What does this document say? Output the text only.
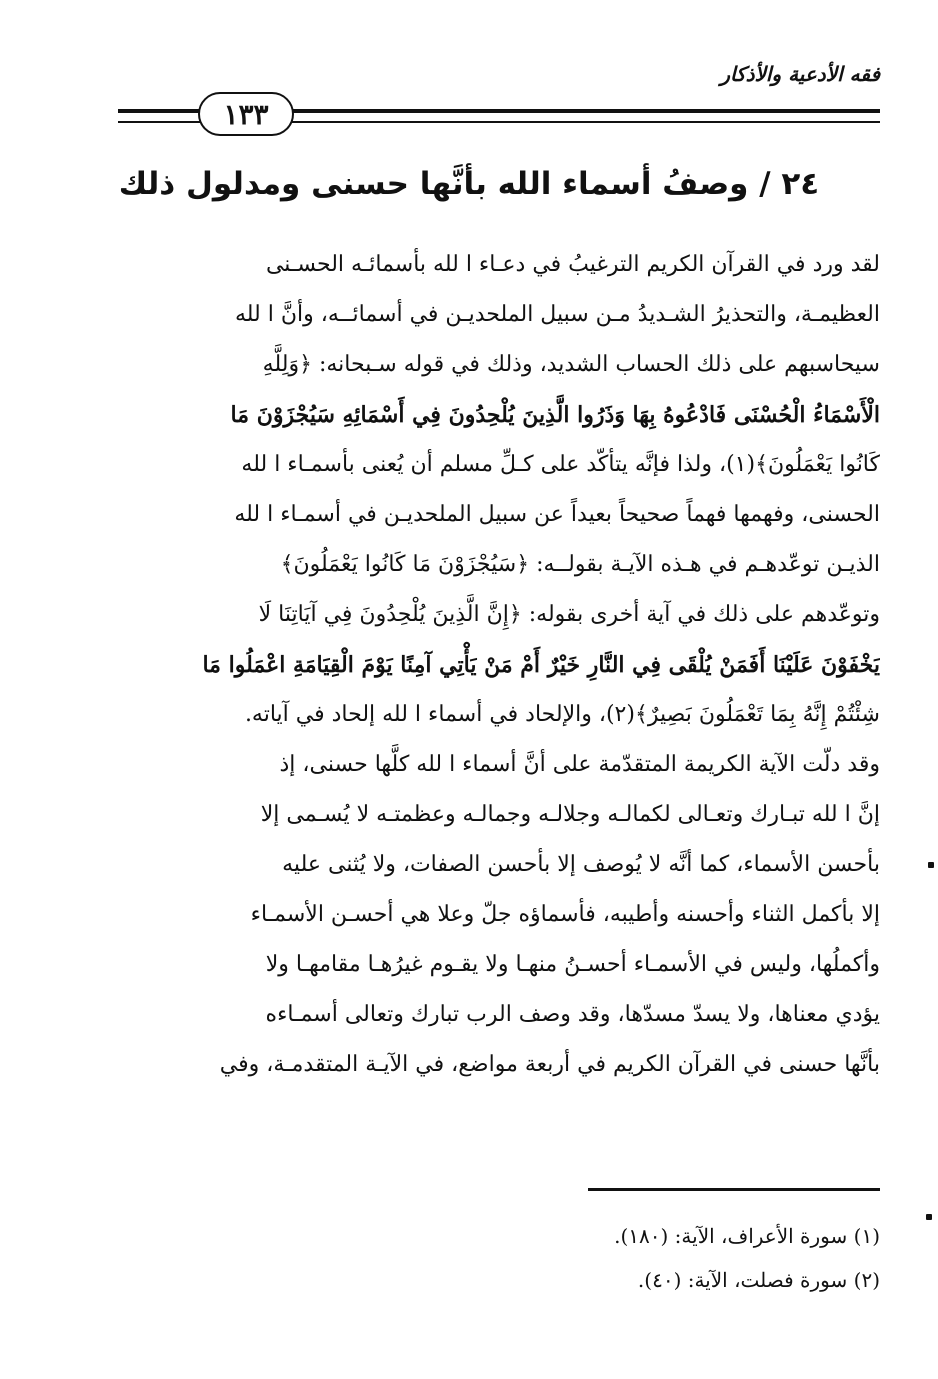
فقه الأدعية والأذكار
١٣٣
٢٤ / وصفُ أسماء الله بأنَّها حسنى ومدلول ذلك
لقد ورد في القرآن الكريم الترغيبُ في دعـاء ا لله بأسمائـه الحسـنى
العظيمـة، والتحذيرُ الشـديدُ مـن سبيل الملحديـن في أسمائــه، وأنَّ ا لله
سيحاسبهم على ذلك الحساب الشديد، وذلك في قوله سـبحانه: ﴿وَلِلَّهِ
الْأَسْمَاءُ الْحُسْنَى فَادْعُوهُ بِهَا وَذَرُوا الَّذِينَ يُلْحِدُونَ فِي أَسْمَائِهِ سَيُجْزَوْنَ مَا
كَانُوا يَعْمَلُونَ﴾(١)، ولذا فإنَّه يتأكّد على كـلِّ مسلم أن يُعنى بأسمـاء ا لله
الحسنى، وفهمها فهماً صحيحاً بعيداً عن سبيل الملحديـن في أسمـاء ا لله
الذيـن توعّدهـم في هـذه الآيـة بقولــه: ﴿سَيُجْزَوْنَ مَا كَانُوا يَعْمَلُونَ﴾
وتوعّدهم على ذلك في آية أخرى بقوله: ﴿إِنَّ الَّذِينَ يُلْحِدُونَ فِي آيَاتِنَا لَا
يَخْفَوْنَ عَلَيْنَا أَفَمَنْ يُلْقَى فِي النَّارِ خَيْرٌ أَمْ مَنْ يَأْتِي آمِنًا يَوْمَ الْقِيَامَةِ اعْمَلُوا مَا
شِئْتُمْ إِنَّهُ بِمَا تَعْمَلُونَ بَصِيرٌ﴾(٢)، والإلحاد في أسماء ا لله إلحاد في آياته.
وقد دلّت الآية الكريمة المتقدّمة على أنَّ أسماء ا لله كلَّها حسنى، إذ
إنَّ ا لله تبـارك وتعـالى لكمالـه وجلالـه وجمالـه وعظمتـه لا يُسـمى إلا
بأحسن الأسماء، كما أنَّه لا يُوصف إلا بأحسن الصفات، ولا يُثنى عليه
إلا بأكمل الثناء وأحسنه وأطيبه، فأسماؤه جلّ وعلا هي أحسـن الأسمـاء
وأكملُها، وليس في الأسمـاء أحسـنُ منهـا ولا يقـوم غيرُهـا مقامهـا ولا
يؤدي معناها، ولا يسدّ مسدّها، وقد وصف الرب تبارك وتعالى أسمـاءه
بأنَّها حسنى في القرآن الكريم في أربعة مواضع، في الآيـة المتقدمـة، وفي
(١) سورة الأعراف، الآية: (١٨٠).
(٢) سورة فصلت، الآية: (٤٠).
